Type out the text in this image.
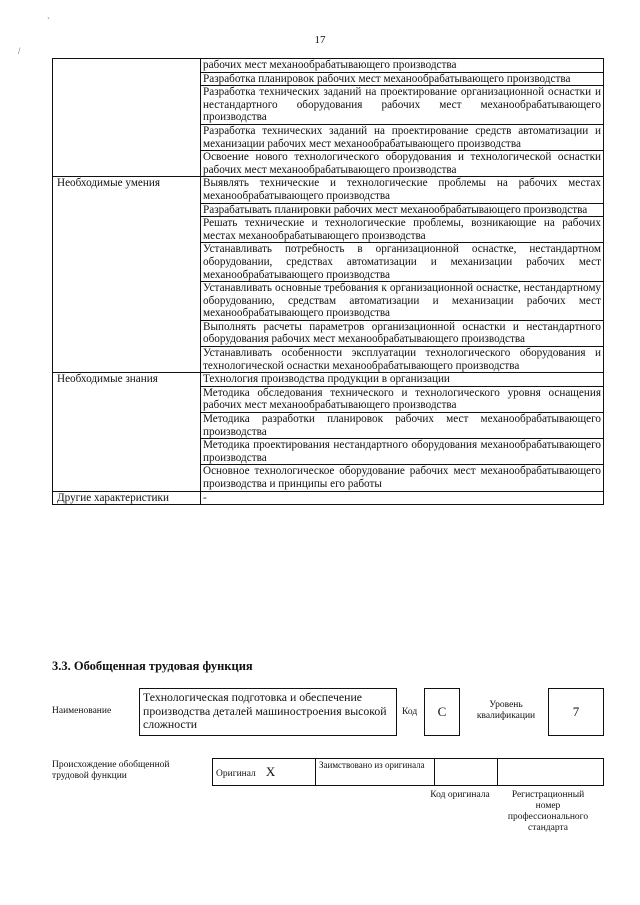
`
/
17
	рабочих мест механообрабатывающего производства
	Разработка планировок рабочих мест механообрабатывающего производства
	Разработка технических заданий на проектирование организационной оснастки и нестандартного оборудования рабочих мест механообрабатывающего производства
	Разработка технических заданий на проектирование средств автоматизации и механизации рабочих мест механообрабатывающего производства
	Освоение нового технологического оборудования и технологической оснастки рабочих мест механообрабатывающего производства
Необходимые умения	Выявлять технические и технологические проблемы на рабочих местах механообрабатывающего производства
	Разрабатывать планировки рабочих мест механообрабатывающего производства
	Решать технические и технологические проблемы, возникающие на рабочих местах механообрабатывающего производства
	Устанавливать потребность в организационной оснастке, нестандартном оборудовании, средствах автоматизации и механизации рабочих мест механообрабатывающего производства
	Устанавливать основные требования к организационной оснастке, нестандартному оборудованию, средствам автоматизации и механизации рабочих мест механообрабатывающего производства
	Выполнять расчеты параметров организационной оснастки и нестандартного оборудования рабочих мест механообрабатывающего производства
	Устанавливать особенности эксплуатации технологического оборудования и технологической оснастки механообрабатывающего производства
Необходимые знания	Технология производства продукции в организации
	Методика обследования технического и технологического уровня оснащения рабочих мест механообрабатывающего производства
	Методика разработки планировок рабочих мест механообрабатывающего производства
	Методика проектирования нестандартного оборудования механообрабатывающего производства
	Основное технологическое оборудование рабочих мест механообрабатывающего производства и принципы его работы
Другие характеристики	-
3.3. Обобщенная трудовая функция
Наименование
Технологическая подготовка и обеспечение производства деталей машиностроения высокой сложности
Код	C	Уровень квалификации	7
Происхождение обобщенной трудовой функции	Оригинал X	Заимствовано из оригинала		
Код оригинала	Регистрационный номер профессионального стандарта
